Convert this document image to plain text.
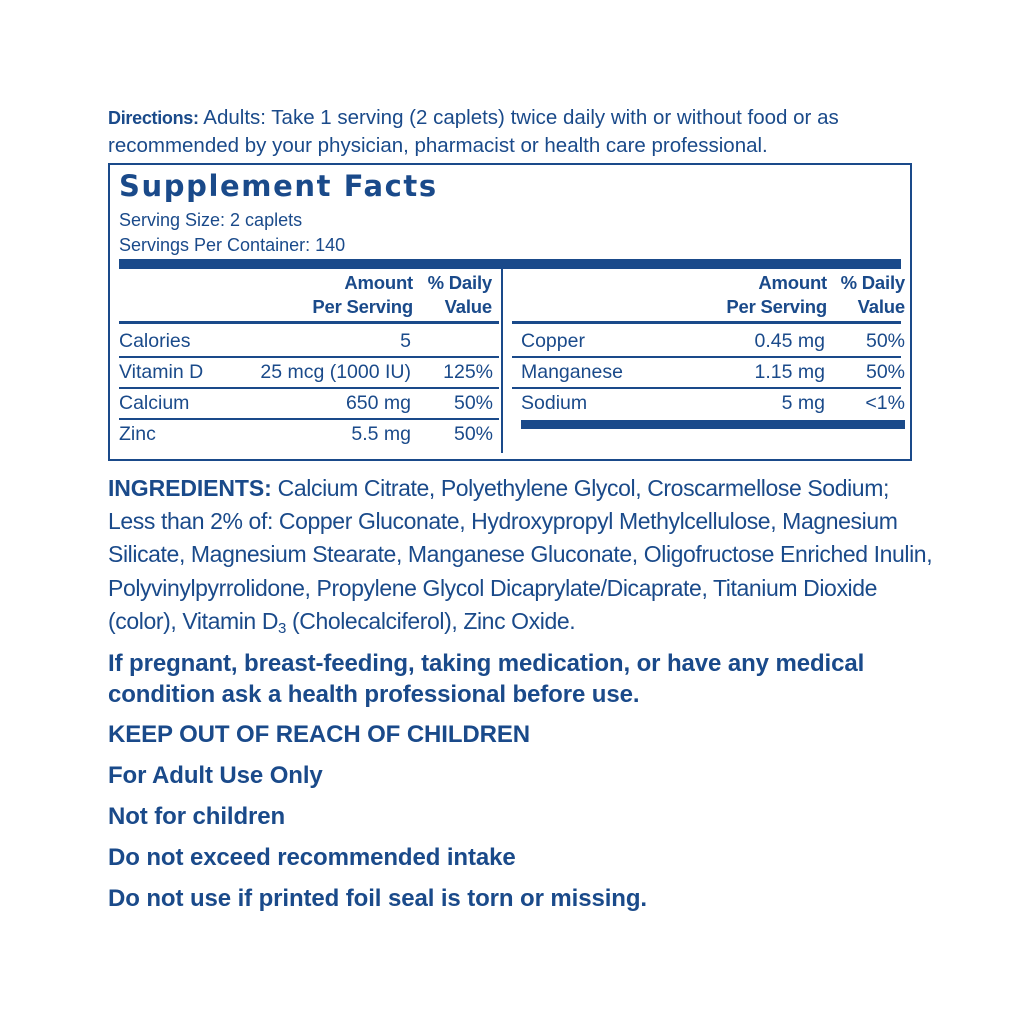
Directions: Adults: Take 1 serving (2 caplets) twice daily with or without food or as recommended by your physician, pharmacist or health care professional.
Supplement Facts
Serving Size: 2 caplets
Servings Per Container: 140
Amount
Per Serving
% Daily
Value
Amount
Per Serving
% Daily
Value
Calories	5
Vitamin D	25 mcg (1000 IU) 125%
Calcium	650 mg 50%
Zinc	5.5 mg 50%
Copper	0.45 mg 50%
Manganese	1.15 mg 50%
Sodium	5 mg <1%
INGREDIENTS: Calcium Citrate, Polyethylene Glycol, Croscarmellose Sodium; Less than 2% of: Copper Gluconate, Hydroxypropyl Methylcellulose, Magnesium Silicate, Magnesium Stearate, Manganese Gluconate, Oligofructose Enriched Inulin, Polyvinylpyrrolidone, Propylene Glycol Dicaprylate/Dicaprate, Titanium Dioxide (color), Vitamin $D_3$ (Cholecalciferol), Zinc Oxide.
If pregnant, breast-feeding, taking medication, or have any medical condition ask a health professional before use.
KEEP OUT OF REACH OF CHILDREN
For Adult Use Only
Not for children
Do not exceed recommended intake
Do not use if printed foil seal is torn or missing.
